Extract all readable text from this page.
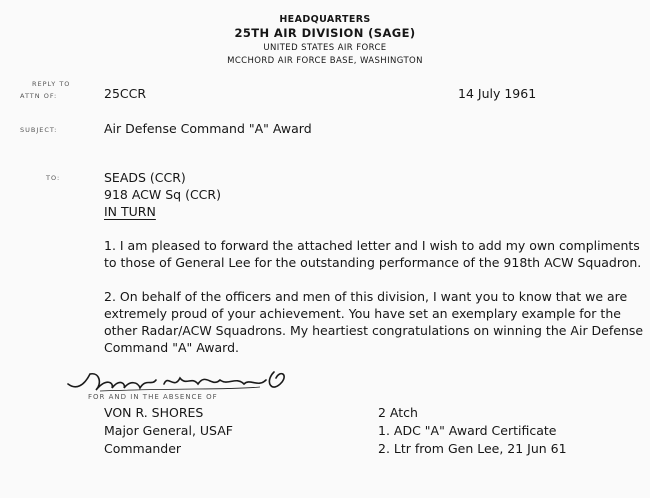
HEADQUARTERS
25TH AIR DIVISION (SAGE)
UNITED STATES AIR FORCE
MCCHORD AIR FORCE BASE, WASHINGTON
REPLY TO
ATTN OF:	25CCR	14 July 1961
SUBJECT:	Air Defense Command "A" Award
TO:	SEADS (CCR)
918 ACW Sq (CCR)
IN TURN
1. I am pleased to forward the attached letter and I wish to add my own compliments to those of General Lee for the outstanding performance of the 918th ACW Squadron.
2. On behalf of the officers and men of this division, I want you to know that we are extremely proud of your achievement. You have set an exemplary example for the other Radar/ACW Squadrons. My heartiest congratulations on winning the Air Defense Command "A" Award.
FOR AND IN THE ABSENCE OF
VON R. SHORES
Major General, USAF
Commander
2 Atch
1. ADC "A" Award Certificate
2. Ltr from Gen Lee, 21 Jun 61
